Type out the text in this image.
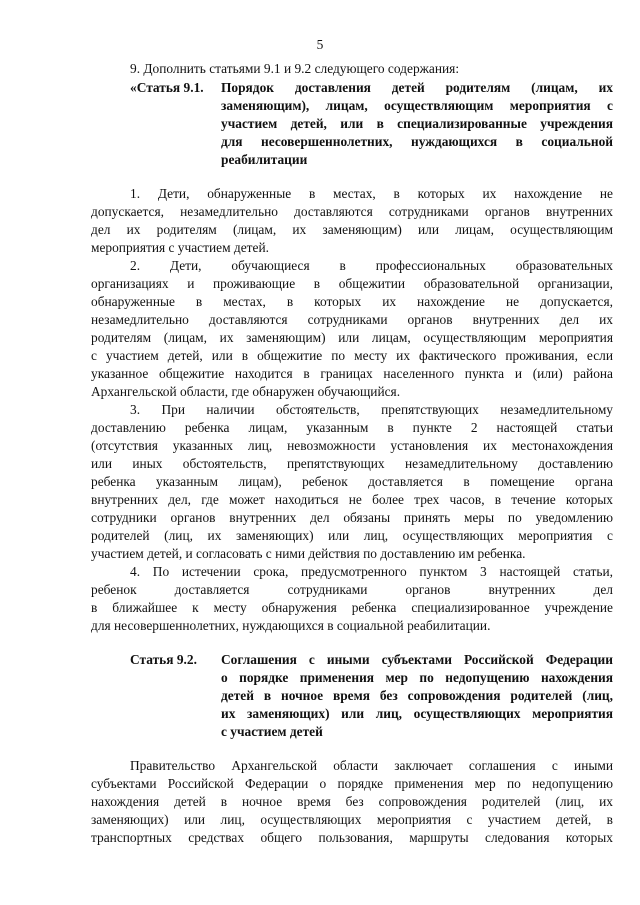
5
9. Дополнить статьями 9.1 и 9.2 следующего содержания:
«Статья 9.1. Порядок доставления детей родителям (лицам, их
заменяющим), лицам, осуществляющим мероприятия с
участием детей, или в специализированные учреждения
для несовершеннолетних, нуждающихся в социальной
реабилитации
1. Дети, обнаруженные в местах, в которых их нахождение не
допускается, незамедлительно доставляются сотрудниками органов внутренних
дел их родителям (лицам, их заменяющим) или лицам, осуществляющим
мероприятия с участием детей.
2. Дети, обучающиеся в профессиональных образовательных
организациях и проживающие в общежитии образовательной организации,
обнаруженные в местах, в которых их нахождение не допускается,
незамедлительно доставляются сотрудниками органов внутренних дел их
родителям (лицам, их заменяющим) или лицам, осуществляющим мероприятия
с участием детей, или в общежитие по месту их фактического проживания, если
указанное общежитие находится в границах населенного пункта и (или) района
Архангельской области, где обнаружен обучающийся.
3. При наличии обстоятельств, препятствующих незамедлительному
доставлению ребенка лицам, указанным в пункте 2 настоящей статьи
(отсутствия указанных лиц, невозможности установления их местонахождения
или иных обстоятельств, препятствующих незамедлительному доставлению
ребенка указанным лицам), ребенок доставляется в помещение органа
внутренних дел, где может находиться не более трех часов, в течение которых
сотрудники органов внутренних дел обязаны принять меры по уведомлению
родителей (лиц, их заменяющих) или лиц, осуществляющих мероприятия с
участием детей, и согласовать с ними действия по доставлению им ребенка.
4. По истечении срока, предусмотренного пунктом 3 настоящей статьи,
ребенок доставляется сотрудниками органов внутренних дел
в ближайшее к месту обнаружения ребенка специализированное учреждение
для несовершеннолетних, нуждающихся в социальной реабилитации.
Статья 9.2. Соглашения с иными субъектами Российской Федерации
о порядке применения мер по недопущению нахождения
детей в ночное время без сопровождения родителей (лиц,
их заменяющих) или лиц, осуществляющих мероприятия
с участием детей
Правительство Архангельской области заключает соглашения с иными
субъектами Российской Федерации о порядке применения мер по недопущению
нахождения детей в ночное время без сопровождения родителей (лиц, их
заменяющих) или лиц, осуществляющих мероприятия с участием детей, в
транспортных средствах общего пользования, маршруты следования которых
